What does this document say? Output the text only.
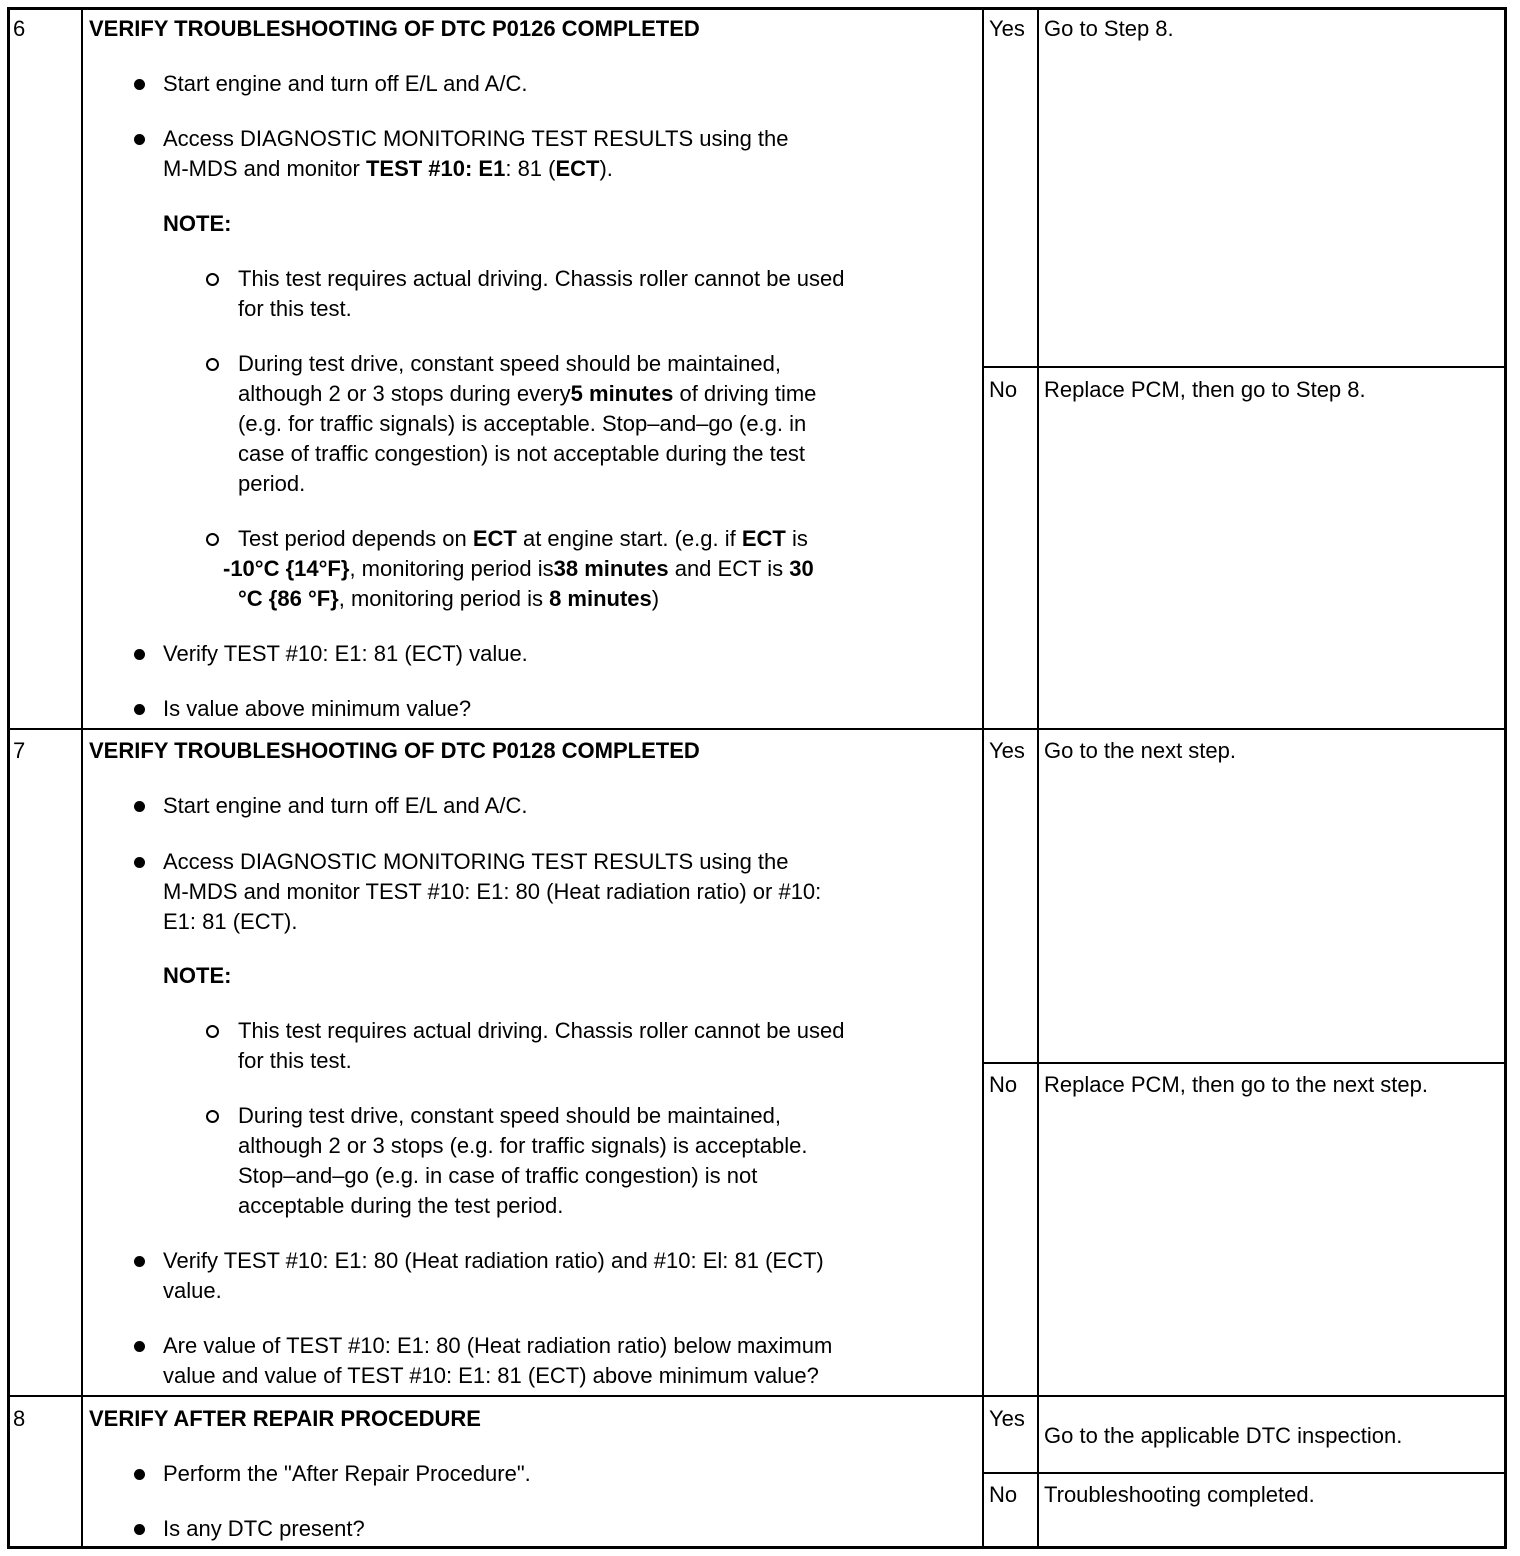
6	VERIFY TROUBLESHOOTING OF DTC P0126 COMPLETED
Start engine and turn off E/L and A/C.
Access DIAGNOSTIC MONITORING TEST RESULTS using the
M-MDS and monitor TEST #10: E1: 81 (ECT).
NOTE:
This test requires actual driving. Chassis roller cannot be used
for this test.
During test drive, constant speed should be maintained,
although 2 or 3 stops during every5 minutes of driving time
(e.g. for traffic signals) is acceptable. Stop–and–go (e.g. in
case of traffic congestion) is not acceptable during the test
period.
Test period depends on ECT at engine start. (e.g. if ECT is
-10°C {14°F}, monitoring period is38 minutes and ECT is 30
°C {86 °F}, monitoring period is 8 minutes)
Verify TEST #10: E1: 81 (ECT) value.
Is value above minimum value?
Yes Go to Step 8.
No Replace PCM, then go to Step 8.
7	VERIFY TROUBLESHOOTING OF DTC P0128 COMPLETED
Start engine and turn off E/L and A/C.
Access DIAGNOSTIC MONITORING TEST RESULTS using the
M-MDS and monitor TEST #10: E1: 80 (Heat radiation ratio) or #10:
E1: 81 (ECT).
NOTE:
This test requires actual driving. Chassis roller cannot be used
for this test.
During test drive, constant speed should be maintained,
although 2 or 3 stops (e.g. for traffic signals) is acceptable.
Stop–and–go (e.g. in case of traffic congestion) is not
acceptable during the test period.
Verify TEST #10: E1: 80 (Heat radiation ratio) and #10: El: 81 (ECT)
value.
Are value of TEST #10: E1: 80 (Heat radiation ratio) below maximum
value and value of TEST #10: E1: 81 (ECT) above minimum value?
Yes Go to the next step.
No Replace PCM, then go to the next step.
8	VERIFY AFTER REPAIR PROCEDURE
Perform the "After Repair Procedure".
Is any DTC present?
Yes
Go to the applicable DTC inspection.
No Troubleshooting completed.
